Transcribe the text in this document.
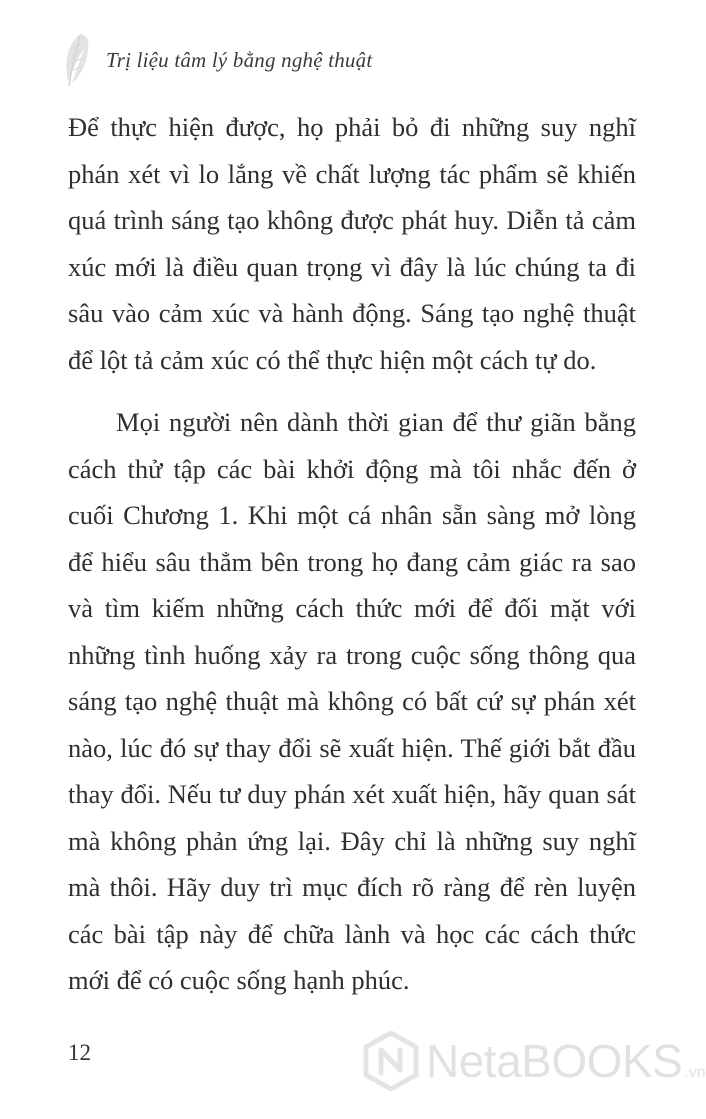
Trị liệu tâm lý bằng nghệ thuật

Để thực hiện được, họ phải bỏ đi những suy nghĩ phán xét vì lo lắng về chất lượng tác phẩm sẽ khiến quá trình sáng tạo không được phát huy. Diễn tả cảm xúc mới là điều quan trọng vì đây là lúc chúng ta đi sâu vào cảm xúc và hành động. Sáng tạo nghệ thuật để lột tả cảm xúc có thể thực hiện một cách tự do.

Mọi người nên dành thời gian để thư giãn bằng cách thử tập các bài khởi động mà tôi nhắc đến ở cuối Chương 1. Khi một cá nhân sẵn sàng mở lòng để hiểu sâu thẳm bên trong họ đang cảm giác ra sao và tìm kiếm những cách thức mới để đối mặt với những tình huống xảy ra trong cuộc sống thông qua sáng tạo nghệ thuật mà không có bất cứ sự phán xét nào, lúc đó sự thay đổi sẽ xuất hiện. Thế giới bắt đầu thay đổi. Nếu tư duy phán xét xuất hiện, hãy quan sát mà không phản ứng lại. Đây chỉ là những suy nghĩ mà thôi. Hãy duy trì mục đích rõ ràng để rèn luyện các bài tập này để chữa lành và học các cách thức mới để có cuộc sống hạnh phúc.

12	NetaBOOKS .vn
